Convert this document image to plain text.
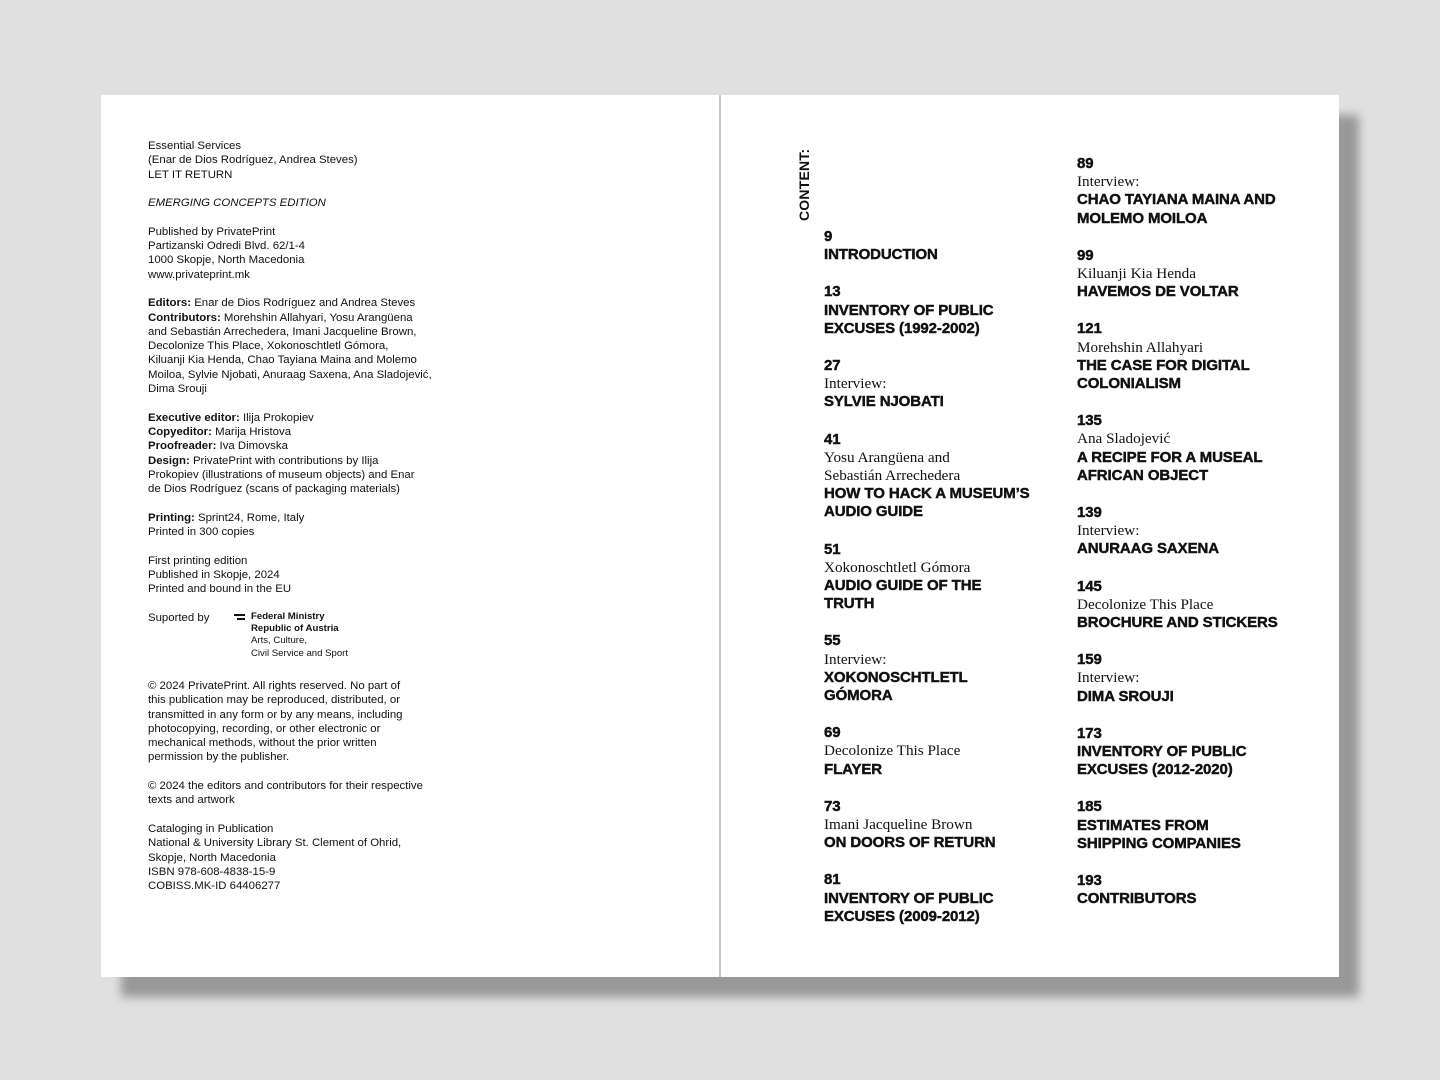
Essential Services
(Enar de Dios Rodríguez, Andrea Steves)
LET IT RETURN
EMERGING CONCEPTS EDITION
Published by PrivatePrint
Partizanski Odredi Blvd. 62/1-4
1000 Skopje, North Macedonia
www.privateprint.mk
Editors: Enar de Dios Rodríguez and Andrea Steves
Contributors: Morehshin Allahyari, Yosu Arangüena
and Sebastián Arrechedera, Imani Jacqueline Brown,
Decolonize This Place, Xokonoschtletl Gómora,
Kiluanji Kia Henda, Chao Tayiana Maina and Molemo
Moiloa, Sylvie Njobati, Anuraag Saxena, Ana Sladojević,
Dima Srouji
Executive editor: Ilija Prokopiev
Copyeditor: Marija Hristova
Proofreader: Iva Dimovska
Design: PrivatePrint with contributions by Ilija
Prokopiev (illustrations of museum objects) and Enar
de Dios Rodríguez (scans of packaging materials)
Printing: Sprint24, Rome, Italy
Printed in 300 copies
First printing edition
Published in Skopje, 2024
Printed and bound in the EU
Suported by	Federal Ministry
Republic of Austria
Arts, Culture,
Civil Service and Sport
© 2024 PrivatePrint. All rights reserved. No part of
this publication may be reproduced, distributed, or
transmitted in any form or by any means, including
photocopying, recording, or other electronic or
mechanical methods, without the prior written
permission by the publisher.
© 2024 the editors and contributors for their respective
texts and artwork
Cataloging in Publication
National & University Library St. Clement of Ohrid,
Skopje, North Macedonia
ISBN 978-608-4838-15-9
COBISS.MK-ID 64406277
CONTENT:
9
INTRODUCTION
13
INVENTORY OF PUBLIC
EXCUSES (1992-2002)
27
Interview:
SYLVIE NJOBATI
41
Yosu Arangüena and
Sebastián Arrechedera
HOW TO HACK A MUSEUM’S
AUDIO GUIDE
51
Xokonoschtletl Gómora
AUDIO GUIDE OF THE
TRUTH
55
Interview:
XOKONOSCHTLETL
GÓMORA
69
Decolonize This Place
FLAYER
73
Imani Jacqueline Brown
ON DOORS OF RETURN
81
INVENTORY OF PUBLIC
EXCUSES (2009-2012)
89
Interview:
CHAO TAYIANA MAINA AND
MOLEMO MOILOA
99
Kiluanji Kia Henda
HAVEMOS DE VOLTAR
121
Morehshin Allahyari
THE CASE FOR DIGITAL
COLONIALISM
135
Ana Sladojević
A RECIPE FOR A MUSEAL
AFRICAN OBJECT
139
Interview:
ANURAAG SAXENA
145
Decolonize This Place
BROCHURE AND STICKERS
159
Interview:
DIMA SROUJI
173
INVENTORY OF PUBLIC
EXCUSES (2012-2020)
185
ESTIMATES FROM
SHIPPING COMPANIES
193
CONTRIBUTORS
